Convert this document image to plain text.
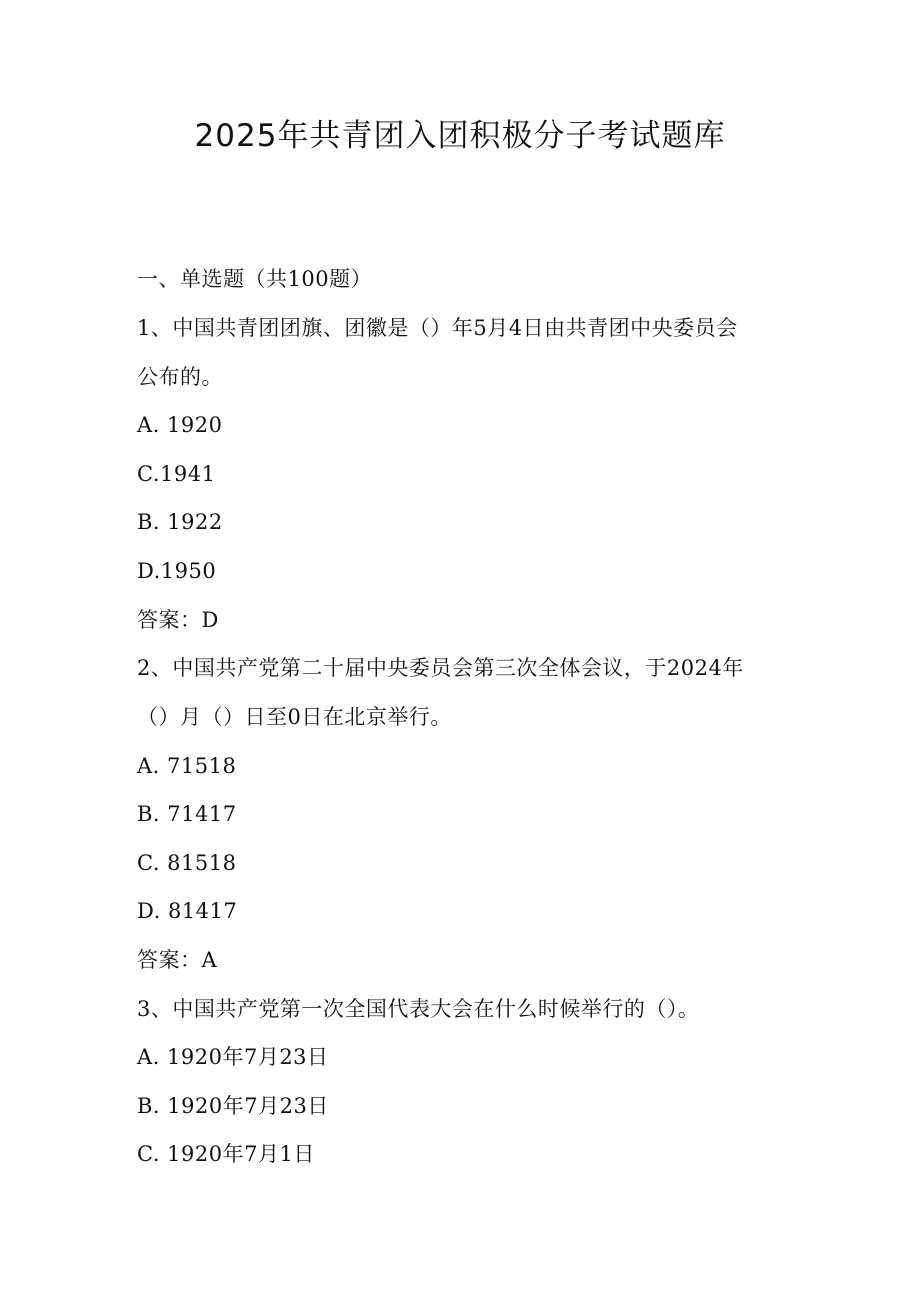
2025年共青团入团积极分子考试题库
一、单选题（共100题）
1、中国共青团团旗、团徽是（）年5月4日由共青团中央委员会
公布的。
A. 1920
C.1941
B. 1922
D.1950
答案：D
2、中国共产党第二十届中央委员会第三次全体会议，于2024年
（）月（）日至0日在北京举行。
A. 71518
B. 71417
C. 81518
D. 81417
答案：A
3、中国共产党第一次全国代表大会在什么时候举行的（）。
A. 1920年7月23日
B. 1920年7月23日
C. 1920年7月1日
